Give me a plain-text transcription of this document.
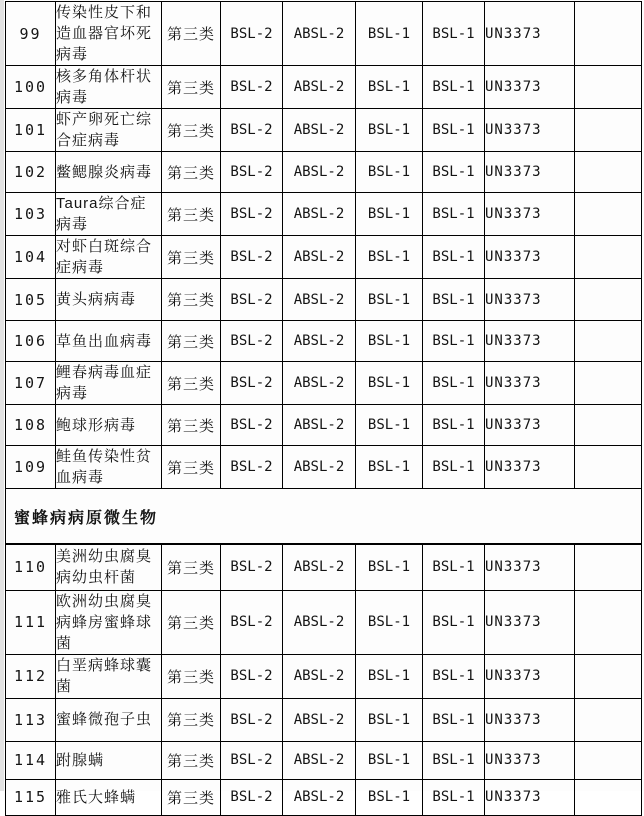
99	传染性皮下和造血器官坏死病毒	第三类	BSL-2	ABSL-2	BSL-1	BSL-1	UN3373	
100	核多角体杆状病毒	第三类	BSL-2	ABSL-2	BSL-1	BSL-1	UN3373	
101	虾产卵死亡综合症病毒	第三类	BSL-2	ABSL-2	BSL-1	BSL-1	UN3373	
102	鳖鳃腺炎病毒	第三类	BSL-2	ABSL-2	BSL-1	BSL-1	UN3373	
103	Taura综合症病毒	第三类	BSL-2	ABSL-2	BSL-1	BSL-1	UN3373	
104	对虾白斑综合症病毒	第三类	BSL-2	ABSL-2	BSL-1	BSL-1	UN3373	
105	黄头病病毒	第三类	BSL-2	ABSL-2	BSL-1	BSL-1	UN3373	
106	草鱼出血病毒	第三类	BSL-2	ABSL-2	BSL-1	BSL-1	UN3373	
107	鲤春病毒血症病毒	第三类	BSL-2	ABSL-2	BSL-1	BSL-1	UN3373	
108	鲍球形病毒	第三类	BSL-2	ABSL-2	BSL-1	BSL-1	UN3373	
109	鲑鱼传染性贫血病毒	第三类	BSL-2	ABSL-2	BSL-1	BSL-1	UN3373	
蜜蜂病病原微生物								
110	美洲幼虫腐臭病幼虫杆菌	第三类	BSL-2	ABSL-2	BSL-1	BSL-1	UN3373	
111	欧洲幼虫腐臭病蜂房蜜蜂球菌	第三类	BSL-2	ABSL-2	BSL-1	BSL-1	UN3373	
112	白垩病蜂球囊菌	第三类	BSL-2	ABSL-2	BSL-1	BSL-1	UN3373	
113	蜜蜂微孢子虫	第三类	BSL-2	ABSL-2	BSL-1	BSL-1	UN3373	
114	跗腺螨	第三类	BSL-2	ABSL-2	BSL-1	BSL-1	UN3373	
115	雅氏大蜂螨	第三类	BSL-2	ABSL-2	BSL-1	BSL-1	UN3373	
